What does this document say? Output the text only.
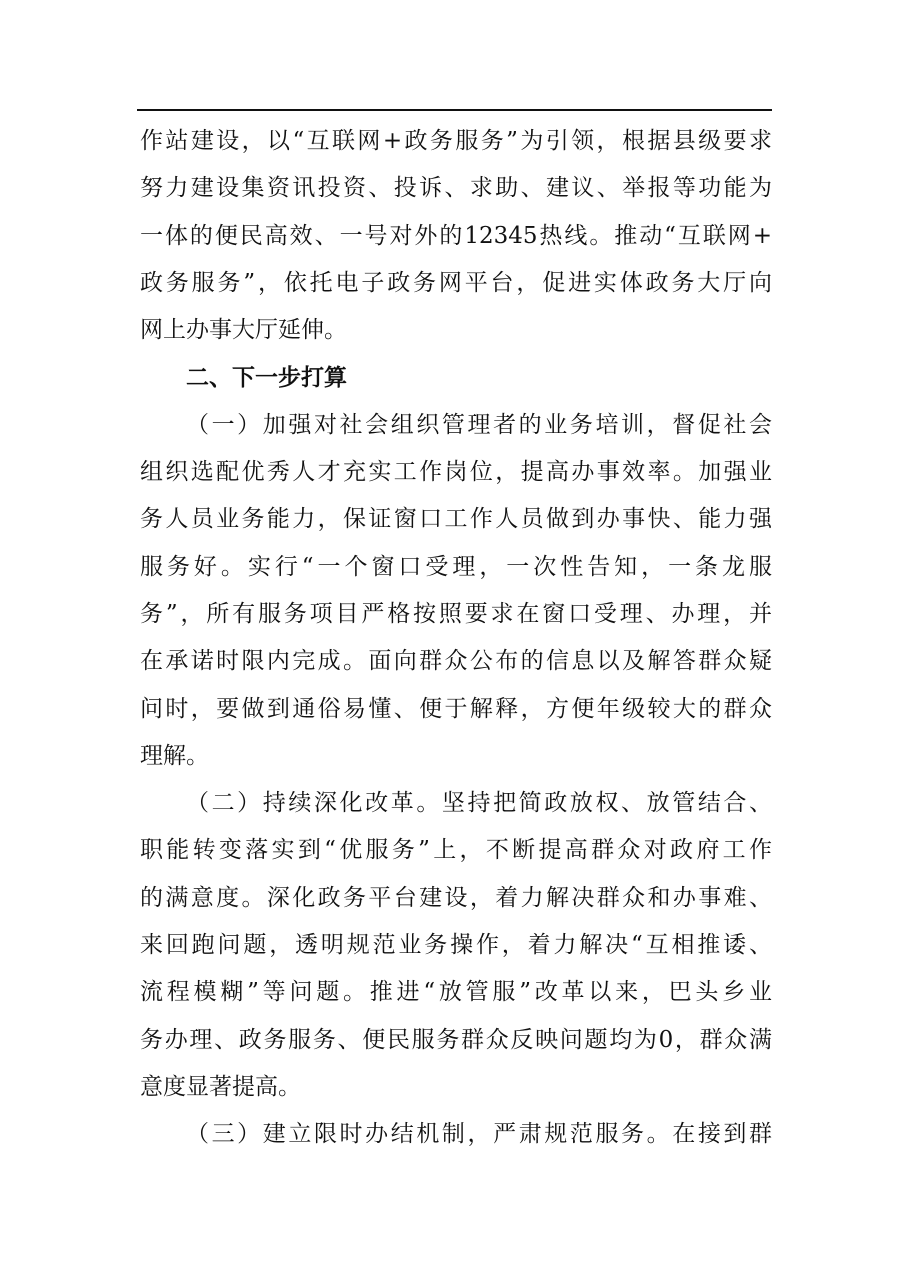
作站建设，以“互联网+政务服务”为引领，根据县级要求
努力建设集资讯投资、投诉、求助、建议、举报等功能为
一体的便民高效、一号对外的12345热线。推动“互联网+
政务服务”，依托电子政务网平台，促进实体政务大厅向
网上办事大厅延伸。
二、下一步打算
（一）加强对社会组织管理者的业务培训，督促社会
组织选配优秀人才充实工作岗位，提高办事效率。加强业
务人员业务能力，保证窗口工作人员做到办事快、能力强
服务好。实行“一个窗口受理，一次性告知，一条龙服
务”，所有服务项目严格按照要求在窗口受理、办理，并
在承诺时限内完成。面向群众公布的信息以及解答群众疑
问时，要做到通俗易懂、便于解释，方便年级较大的群众
理解。
（二）持续深化改革。坚持把简政放权、放管结合、
职能转变落实到“优服务”上，不断提高群众对政府工作
的满意度。深化政务平台建设，着力解决群众和办事难、
来回跑问题，透明规范业务操作，着力解决“互相推诿、
流程模糊”等问题。推进“放管服”改革以来，巴头乡业
务办理、政务服务、便民服务群众反映问题均为0，群众满
意度显著提高。
（三）建立限时办结机制，严肃规范服务。在接到群
